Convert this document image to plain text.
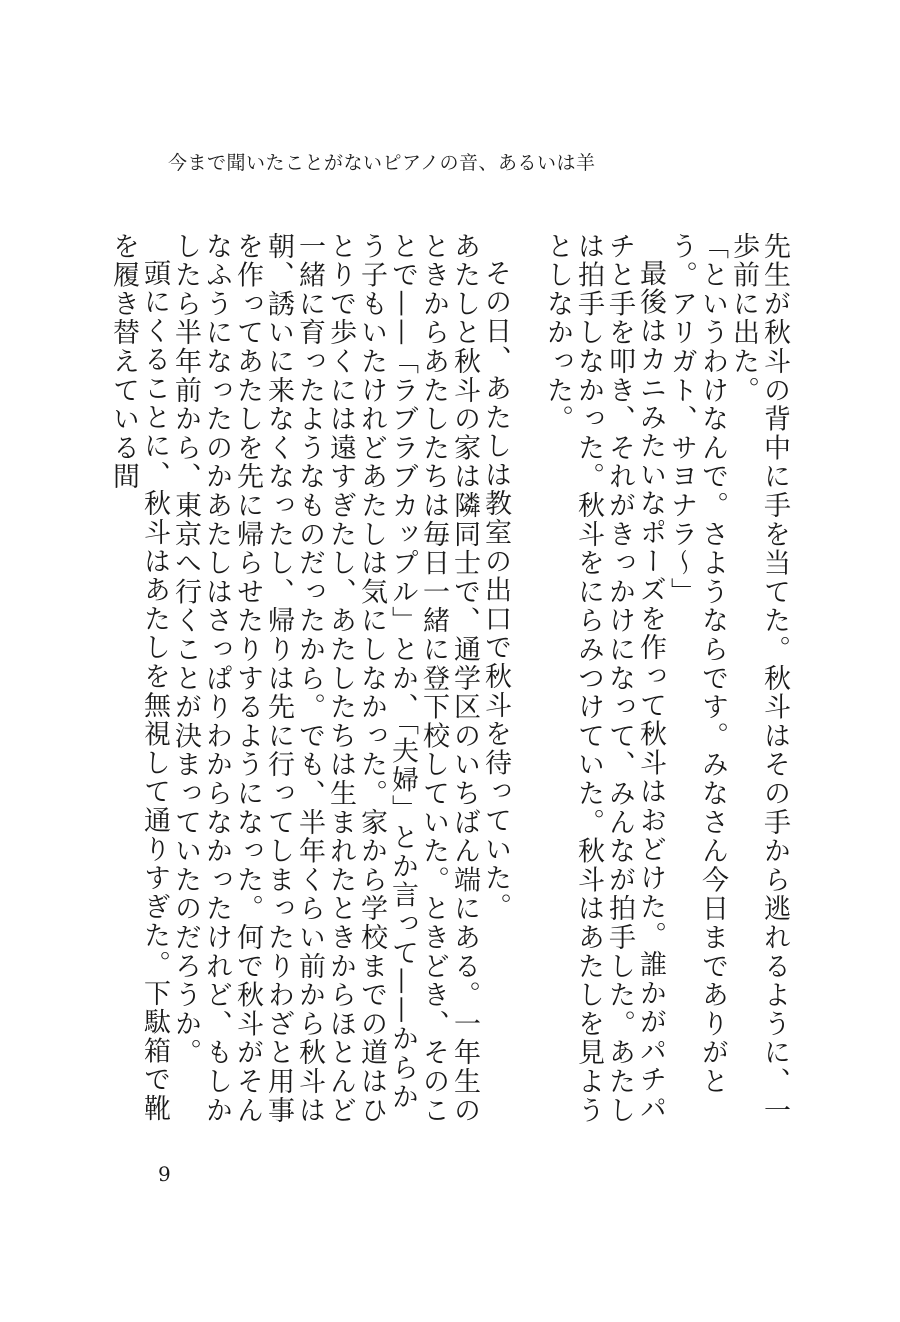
今まで聞いたことがないピアノの音、あるいは羊

先生が秋斗の背中に手を当てた。秋斗はその手から逃れるように、一歩前に出た。

「というわけなんで。さようならです。みなさん今日までありがとう。アリガト、サヨナラ〜」

最後はカニみたいなポーズを作って秋斗はおどけた。誰かがパチパチと手を叩き、それがきっかけになって、みんなが拍手した。あたしは拍手しなかった。秋斗をにらみつけていた。秋斗はあたしを見ようとしなかった。

その日、あたしは教室の出口で秋斗を待っていた。

あたしと秋斗の家は隣同士で、通学区のいちばん端にある。一年生のときからあたしたちは毎日一緒に登下校していた。ときどき、そのことで——「ラブラブカップル」とか、「夫婦」とか言って——からかう子もいたけれどあたしは気にしなかった。家から学校までの道はひとりで歩くには遠すぎたし、あたしたちは生まれたときからほとんど一緒に育ったようなものだったから。でも、半年くらい前から秋斗は朝、誘いに来なくなったし、帰りは先に行ってしまったりわざと用事を作ってあたしを先に帰らせたりするようになった。何で秋斗がそんなふうになったのかあたしはさっぱりわからなかったけれど、もしかしたら半年前から、東京へ行くことが決まっていたのだろうか。

頭にくることに、秋斗はあたしを無視して通りすぎた。下駄箱で靴を履き替えている間

9
